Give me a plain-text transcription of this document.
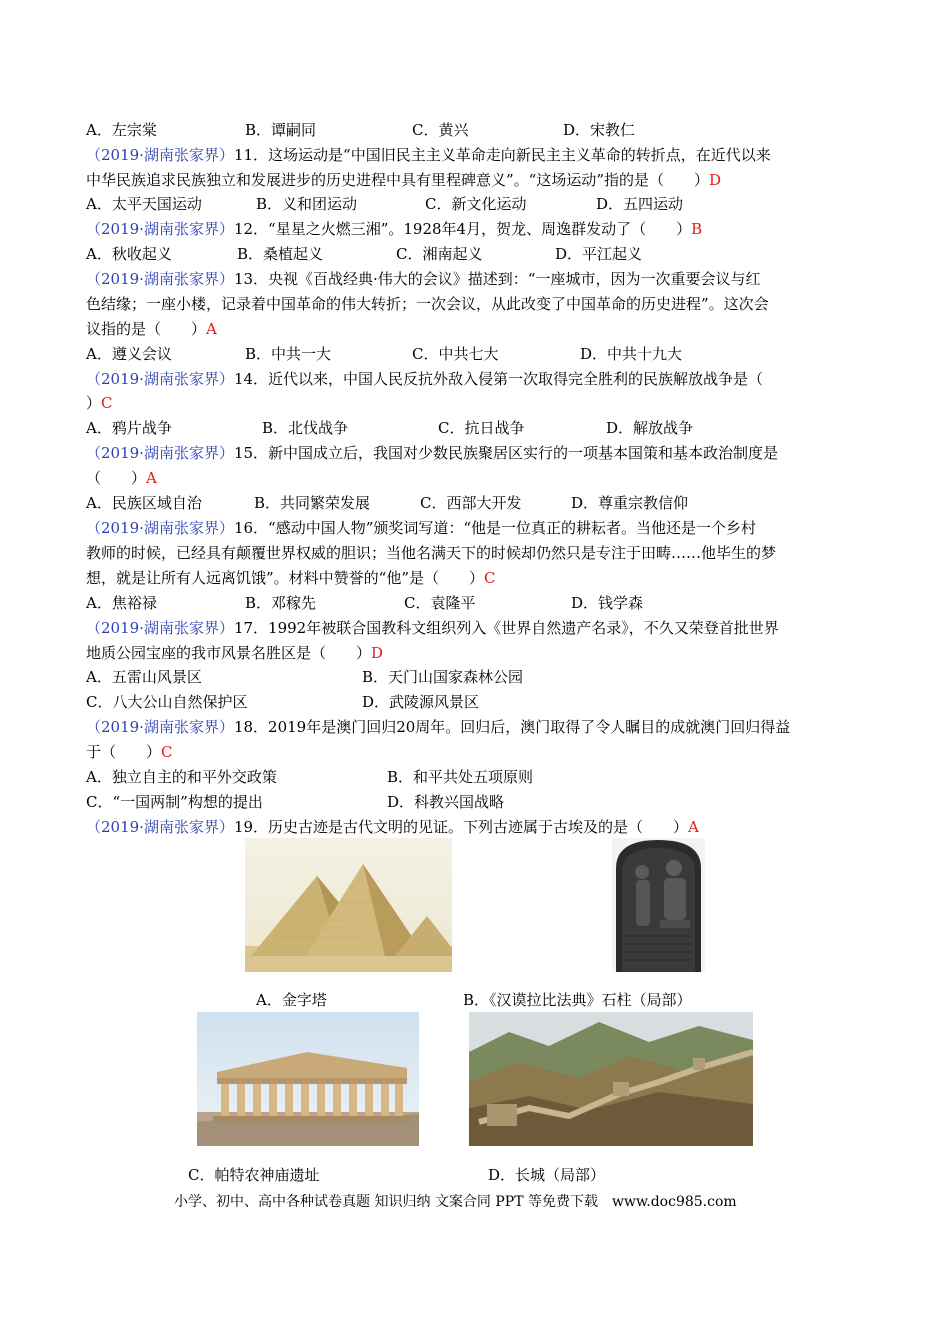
A．左宗棠	B．谭嗣同	C．黄兴	D．宋教仁
（2019·湖南张家界）11．这场运动是“中国旧民主主义革命走向新民主主义革命的转折点，在近代以来
中华民族追求民族独立和发展进步的历史进程中具有里程碑意义”。“这场运动”指的是（　　）D
A．太平天国运动	B．义和团运动	C．新文化运动	D．五四运动
（2019·湖南张家界）12．“星星之火燃三湘”。1928年4月，贺龙、周逸群发动了（　　）B
A．秋收起义	B．桑植起义	C．湘南起义	D．平江起义
（2019·湖南张家界）13．央视《百战经典·伟大的会议》描述到：“一座城市，因为一次重要会议与红
色结缘；一座小楼，记录着中国革命的伟大转折；一次会议，从此改变了中国革命的历史进程”。这次会
议指的是（　　）A
A．遵义会议	B．中共一大	C．中共七大	D．中共十九大
（2019·湖南张家界）14．近代以来，中国人民反抗外敌入侵第一次取得完全胜利的民族解放战争是（
）C
A．鸦片战争	B．北伐战争	C．抗日战争	D．解放战争
（2019·湖南张家界）15．新中国成立后，我国对少数民族聚居区实行的一项基本国策和基本政治制度是
（　　）A
A．民族区域自治	B．共同繁荣发展	C．西部大开发	D．尊重宗教信仰
（2019·湖南张家界）16．“感动中国人物”颁奖词写道：“他是一位真正的耕耘者。当他还是一个乡村
教师的时候，已经具有颠覆世界权威的胆识；当他名满天下的时候却仍然只是专注于田畴……他毕生的梦
想，就是让所有人远离饥饿”。材料中赞誉的“他”是（　　）C
A．焦裕禄	B．邓稼先	C．袁隆平	D．钱学森
（2019·湖南张家界）17．1992年被联合国教科文组织列入《世界自然遗产名录》，不久又荣登首批世界
地质公园宝座的我市风景名胜区是（　　）D
A．五雷山风景区	B．天门山国家森林公园
C．八大公山自然保护区	D．武陵源风景区
（2019·湖南张家界）18．2019年是澳门回归20周年。回归后，澳门取得了令人瞩目的成就澳门回归得益
于（　　）C
A．独立自主的和平外交政策	B．和平共处五项原则
C．“一国两制”构想的提出	D．科教兴国战略
（2019·湖南张家界）19．历史古迹是古代文明的见证。下列古迹属于古埃及的是（　　）A
A．金字塔	B．《汉谟拉比法典》石柱（局部）
C．帕特农神庙遗址	D．长城（局部）
小学、初中、高中各种试卷真题 知识归纳 文案合同 PPT 等免费下载　www.doc985.com
